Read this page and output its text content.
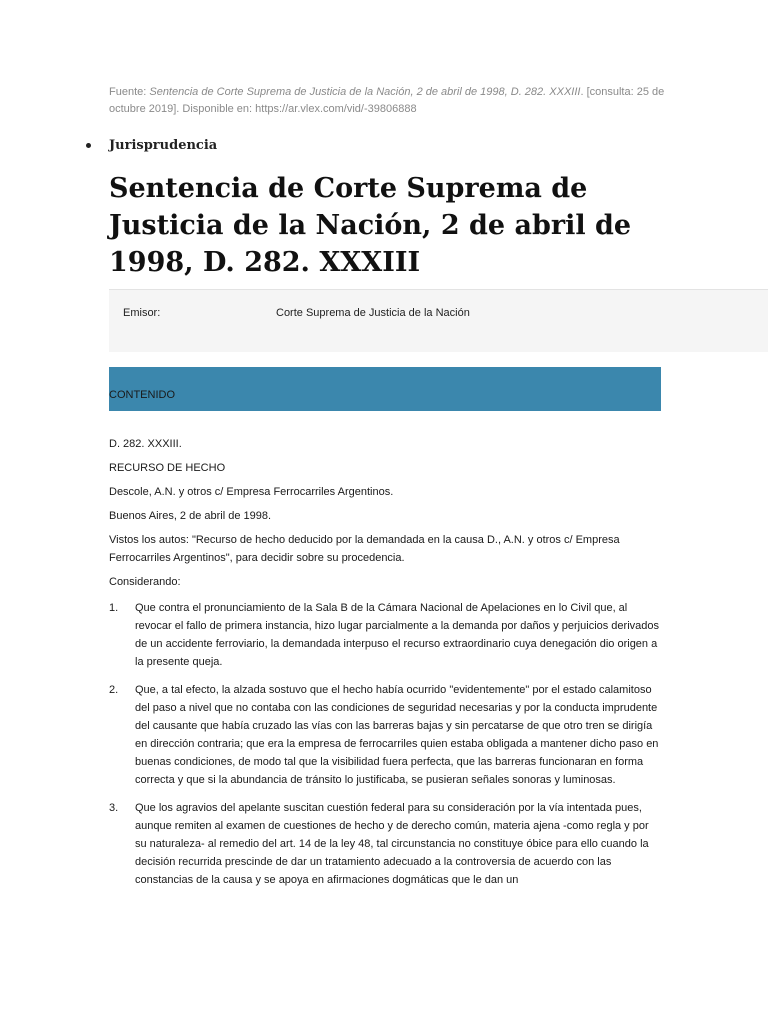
Fuente: Sentencia de Corte Suprema de Justicia de la Nación, 2 de abril de 1998, D. 282. XXXIII. [consulta: 25 de octubre 2019]. Disponible en: https://ar.vlex.com/vid/-39806888
Jurisprudencia
Sentencia de Corte Suprema de Justicia de la Nación, 2 de abril de 1998, D. 282. XXXIII
Emisor:	Corte Suprema de Justicia de la Nación
CONTENIDO

D. 282. XXXIII.

RECURSO DE HECHO

Descole, A.N. y otros c/ Empresa Ferrocarriles Argentinos.

Buenos Aires, 2 de abril de 1998.

Vistos los autos: "Recurso de hecho deducido por la demandada en la causa D., A.N. y otros c/ Empresa Ferrocarriles Argentinos", para decidir sobre su procedencia.

Considerando:

1. Que contra el pronunciamiento de la Sala B de la Cámara Nacional de Apelaciones en lo Civil que, al revocar el fallo de primera instancia, hizo lugar parcialmente a la demanda por daños y perjuicios derivados de un accidente ferroviario, la demandada interpuso el recurso extraordinario cuya denegación dio origen a la presente queja.
2. Que, a tal efecto, la alzada sostuvo que el hecho había ocurrido "evidentemente" por el estado calamitoso del paso a nivel que no contaba con las condiciones de seguridad necesarias y por la conducta imprudente del causante que había cruzado las vías con las barreras bajas y sin percatarse de que otro tren se dirigía en dirección contraria; que era la empresa de ferrocarriles quien estaba obligada a mantener dicho paso en buenas condiciones, de modo tal que la visibilidad fuera perfecta, que las barreras funcionaran en forma correcta y que si la abundancia de tránsito lo justificaba, se pusieran señales sonoras y luminosas.
3. Que los agravios del apelante suscitan cuestión federal para su consideración por la vía intentada pues, aunque remiten al examen de cuestiones de hecho y de derecho común, materia ajena -como regla y por su naturaleza- al remedio del art. 14 de la ley 48, tal circunstancia no constituye óbice para ello cuando la decisión recurrida prescinde de dar un tratamiento adecuado a la controversia de acuerdo con las constancias de la causa y se apoya en afirmaciones dogmáticas que le dan un
